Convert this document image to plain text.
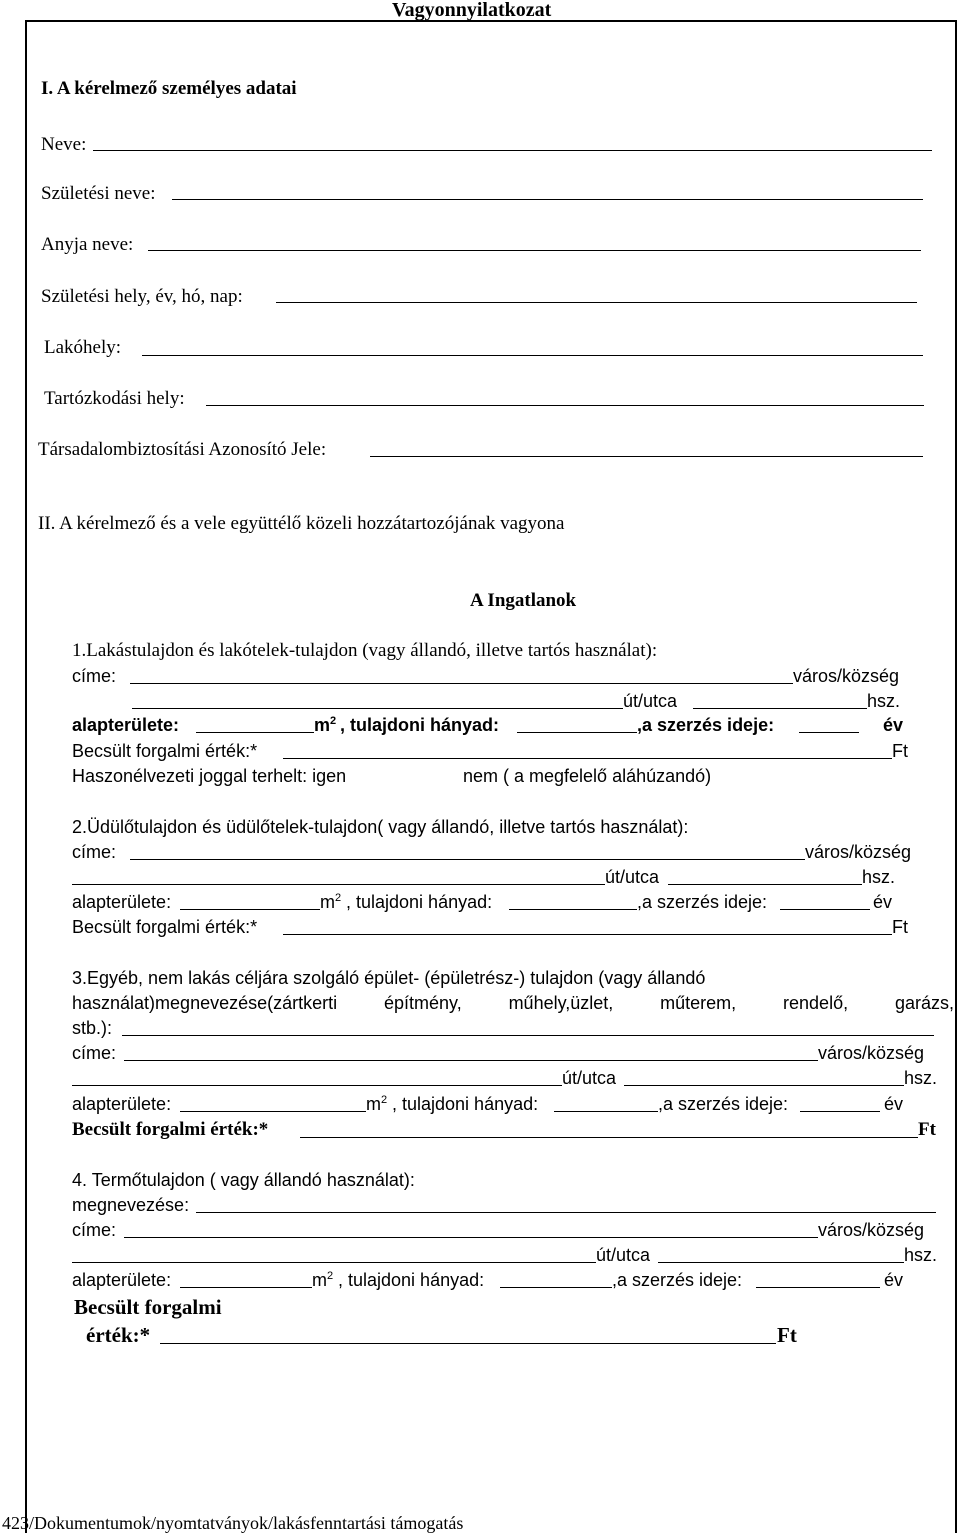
Vagyonnyilatkozat
I. A kérelmező személyes adatai
Neve:
Születési neve:
Anyja neve:
Születési hely, év, hó, nap:
Lakóhely:
Tartózkodási hely:
Társadalombiztosítási Azonosító Jele:
II. A kérelmező és a vele együttélő közeli hozzátartozójának vagyona
A Ingatlanok
1.Lakástulajdon és lakótelek-tulajdon (vagy állandó, illetve tartós használat):
címe:	város/község
út/utca	hsz.
alapterülete:	$m^2$ , tulajdoni hányad:	,a szerzés ideje:	év
Becsült forgalmi érték:*	Ft
Haszonélvezeti joggal terhelt: igen	nem ( a megfelelő aláhúzandó)
2.Üdülőtulajdon és üdülőtelek-tulajdon( vagy állandó, illetve tartós használat):
címe:	város/község
út/utca	hsz.
alapterülete:	$m^2$ , tulajdoni hányad:	,a szerzés ideje:	év
Becsült forgalmi érték:*	Ft
3.Egyéb, nem lakás céljára szolgáló épület- (épületrész-) tulajdon (vagy állandó
használat)megnevezése(zártkerti	építmény,	műhely,üzlet,	műterem,	rendelő,	garázs,
stb.):
címe:	város/község
út/utca	hsz.
alapterülete:	$m^2$ , tulajdoni hányad:	,a szerzés ideje:	év
Becsült forgalmi érték:*	Ft
4. Termőtulajdon ( vagy állandó használat):
megnevezése:
címe:	város/község
út/utca	hsz.
alapterülete:	$m^2$ , tulajdoni hányad:	,a szerzés ideje:	év
Becsült forgalmi
érték:*	Ft
423/Dokumentumok/nyomtatványok/lakásfenntartási támogatás
